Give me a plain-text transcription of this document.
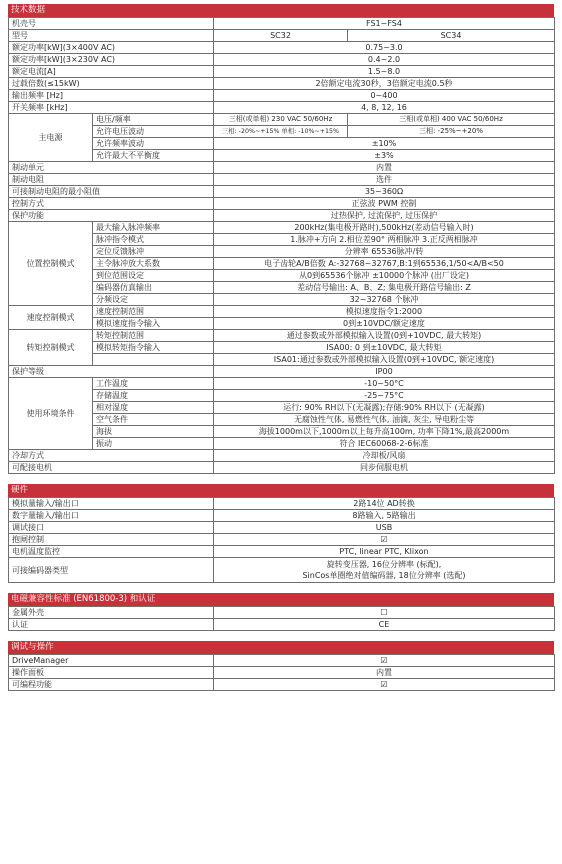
技术数据
机壳号		FS1~FS4	
型号		SC32	SC34
额定功率[kW](3×400V AC)		0.75~3.0	
额定功率[kW](3×230V AC)		0.4~2.0	
额定电流[A]		1.5~8.0	
过载倍数(≤15kW)		2倍额定电流30秒，3倍额定电流0.5秒	
输出频率 [Hz]		0~400	
开关频率 [kHz]		4, 8, 12, 16	
主电源	电压/频率	三相(或单相) 230 VAC 50/60Hz	三相(或单相) 400 VAC 50/60Hz
	允许电压波动	三相: -20%~+15% 单相: -10%~+15%	三相: -25%~+20%
	允许频率波动	±10%	
	允许最大不平衡度	±3%	
制动单元		内置	
制动电阻		选件	
可接制动电阻的最小阻值		35~360Ω	
控制方式		正弦波 PWM 控制	
保护功能		过热保护, 过流保护, 过压保护	
位置控制模式	最大输入脉冲频率	200kHz(集电极开路时),500kHz(差动信号输入时)	
	脉冲指令模式	1.脉冲+方向 2.相位差90° 两相脉冲 3.正反两相脉冲	
	定位反馈脉冲	分辨率 65536脉冲/转	
	主令脉冲放大系数	电子齿轮A/B倍数 A:-32768~32767,B:1到65536,1/50<A/B<50	
	到位范围设定	从0到65536个脉冲 ±10000个脉冲 (出厂设定)	
	编码器仿真输出	差动信号输出: A、B、Z; 集电极开路信号输出: Z	
	分频设定	32~32768 个脉冲	
速度控制模式	速度控制范围	模拟速度指令1:2000	
	模拟速度指令输入	0到±10VDC/额定速度	
转矩控制模式	转矩控制范围	通过参数或外部模拟输入设置(0到+10VDC, 最大转矩)	
	模拟转矩指令输入	ISA00: 0 到±10VDC, 最大转矩	
		ISA01:通过参数或外部模拟输入设置(0到+10VDC, 额定速度)	
保护等级		IP00	
使用环境条件	工作温度	-10~50°C	
	存储温度	-25~75°C	
	相对湿度	运行: 90% RH以下(无凝露);存储:90% RH以下 (无凝露)	
	空气条件	无腐蚀性气体, 易燃性气体, 油滴, 灰尘, 导电粉尘等	
	海拔	海拔1000m以下,1000m以上每升高100m, 功率下降1%,最高2000m	
	振动	符合 IEC60068-2-6标准	
冷却方式		冷却板/风扇	
可配接电机		同步伺服电机	
硬件
模拟量输入/输出口	2路14位 AD转换
数字量输入/输出口	8路输入, 5路输出
调试接口	USB
抱闸控制	☑
电机温度监控	PTC, linear PTC, Klixon
可接编码器类型	旋转变压器, 16位分辨率 (标配),
SinCos单圈绝对值编码器, 18位分辨率 (选配)
电磁兼容性标准 (EN61800-3) 和认证
金属外壳	☐
认证	CE
调试与操作
DriveManager	☑
操作面板	内置
可编程功能	☑
